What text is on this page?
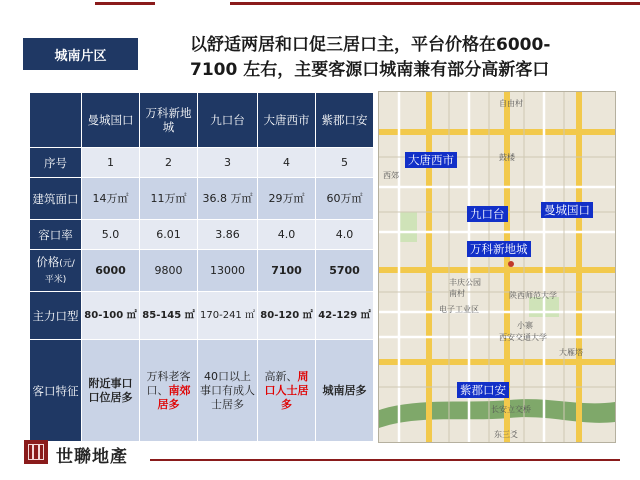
城南片区
以舒适两居和口促三居口主，平台价格在6000-
7100 左右，主要客源口城南兼有部分高新客口
	曼城国口	万科新地城	九口台	大唐西市	紫郡口安
序号	1	2	3	4	5
建筑面口	14万㎡	11万㎡	36.8 万㎡	29万㎡	60万㎡
容口率	5.0	6.01	3.86	4.0	4.0
价格(元/平米)	6000	9800	13000	7100	5700
主力口型	80-100 ㎡	85-145 ㎡	170-241 ㎡	80-120 ㎡	42-129 ㎡
客口特征	附近事口口位居多	万科老客口、南郊居多	40口以上事口有成人士居多	高新、周口人士居多	城南居多
自由村
西郊
鼓楼
丰庆公园
陕西师范大学
小寨
南村
电子工业区
西安交通大学
长安立交桥
东三爻
大雁塔
大唐西市
九口台	曼城国口
万科新地城
紫郡口安
世聯地產
